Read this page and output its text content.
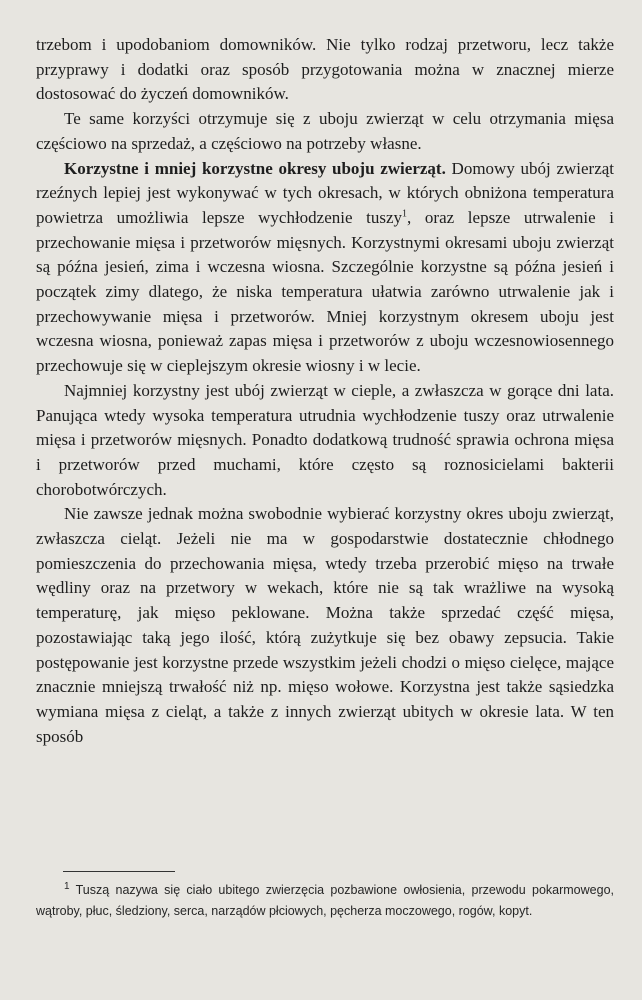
trzebom i upodobaniom domowników. Nie tylko rodzaj przetworu, lecz także przyprawy i dodatki oraz sposób przygotowania można w znacznej mierze dostosować do życzeń domowników.

Te same korzyści otrzymuje się z uboju zwierząt w celu otrzymania mięsa częściowo na sprzedaż, a częściowo na potrzeby własne.

Korzystne i mniej korzystne okresy uboju zwierząt. Domowy ubój zwierząt rzeźnych lepiej jest wykonywać w tych okresach, w których obniżona temperatura powietrza umożliwia lepsze wychłodzenie tuszy$^1$, oraz lepsze utrwalenie i przechowanie mięsa i przetworów mięsnych. Korzystnymi okresami uboju zwierząt są późna jesień, zima i wczesna wiosna. Szczególnie korzystne są późna jesień i początek zimy dlatego, że niska temperatura ułatwia zarówno utrwalenie jak i przechowywanie mięsa i przetworów. Mniej korzystnym okresem uboju jest wczesna wiosna, ponieważ zapas mięsa i przetworów z uboju wczesnowiosennego przechowuje się w cieplejszym okresie wiosny i w lecie.

Najmniej korzystny jest ubój zwierząt w cieple, a zwłaszcza w gorące dni lata. Panująca wtedy wysoka temperatura utrudnia wychłodzenie tuszy oraz utrwalenie mięsa i przetworów mięsnych. Ponadto dodatkową trudność sprawia ochrona mięsa i przetworów przed muchami, które często są roznosicielami bakterii chorobotwórczych.

Nie zawsze jednak można swobodnie wybierać korzystny okres uboju zwierząt, zwłaszcza cieląt. Jeżeli nie ma w gospodarstwie dostatecznie chłodnego pomieszczenia do przechowania mięsa, wtedy trzeba przerobić mięso na trwałe wędliny oraz na przetwory w wekach, które nie są tak wrażliwe na wysoką temperaturę, jak mięso peklowane. Można także sprzedać część mięsa, pozostawiając taką jego ilość, którą zużytkuje się bez obawy zepsucia. Takie postępowanie jest korzystne przede wszystkim jeżeli chodzi o mięso cielęce, mające znacznie mniejszą trwałość niż np. mięso wołowe. Korzystna jest także sąsiedzka wymiana mięsa z cieląt, a także z innych zwierząt ubitych w okresie lata. W ten sposób

$^1$ Tuszą nazywa się ciało ubitego zwierzęcia pozbawione owłosienia, przewodu pokarmowego, wątroby, płuc, śledziony, serca, narządów płciowych, pęcherza moczowego, rogów, kopyt.
